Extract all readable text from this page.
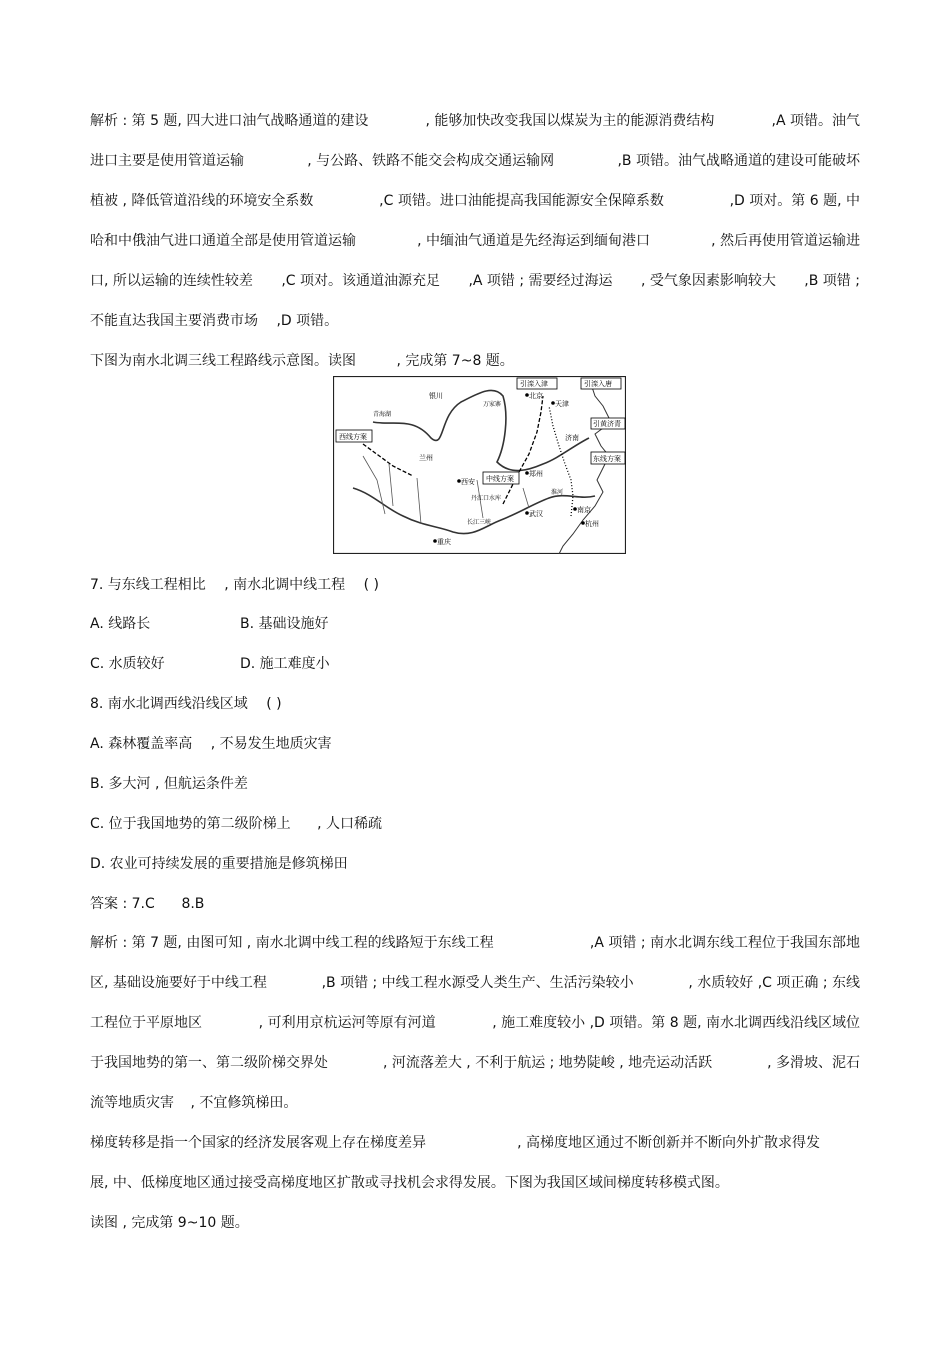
解析 : 第 5 题, 四大进口油气战略通道的建设	, 能够加快改变我国以煤炭为主的能源消费结构	,A 项错。油气
进口主要是使用管道运输	, 与公路、铁路不能交会构成交通运输网	,B 项错。油气战略通道的建设可能破坏
植被 , 降低管道沿线的环境安全系数	,C 项错。进口油能提高我国能源安全保障系数	,D 项对。第 6 题, 中
哈和中俄油气进口通道全部是使用管道运输	, 中缅油气通道是先经海运到缅甸港口	, 然后再使用管道运输进
口, 所以运输的连续性较差 ,C 项对。该通道油源充足 ,A 项错 ; 需要经过海运 , 受气象因素影响较大 ,B 项错 ;
不能直达我国主要消费市场 ,D 项错。
下图为南水北调三线工程路线示意图。读图	, 完成第 7~8 题。
西线方案
中线方案
东线方案
引滦入津	引滦入唐
引黄济青
北京
天津
西安
郑州
武汉	南京
杭州
重庆
银川
兰州
济南
丹江口水库
长江三峡
青海湖
万家寨
淮河
7. 与东线工程相比 , 南水北调中线工程 ( )
A. 线路长	B. 基础设施好
C. 水质较好	D. 施工难度小
8. 南水北调西线沿线区域 ( )
A. 森林覆盖率高 , 不易发生地质灾害
B. 多大河 , 但航运条件差
C. 位于我国地势的第二级阶梯上 , 人口稀疏
D. 农业可持续发展的重要措施是修筑梯田
答案 : 7.C      8.B
解析 : 第 7 题, 由图可知 , 南水北调中线工程的线路短于东线工程	,A 项错 ; 南水北调东线工程位于我国东部地
区, 基础设施要好于中线工程	,B 项错 ; 中线工程水源受人类生产、生活污染较小	, 水质较好 ,C 项正确 ; 东线
工程位于平原地区	, 可利用京杭运河等原有河道	, 施工难度较小 ,D 项错。第 8 题, 南水北调西线沿线区域位
于我国地势的第一、第二级阶梯交界处	, 河流落差大 , 不利于航运 ; 地势陡峻 , 地壳运动活跃	, 多滑坡、泥石
流等地质灾害 , 不宜修筑梯田。
梯度转移是指一个国家的经济发展客观上存在梯度差异	, 高梯度地区通过不断创新并不断向外扩散求得发
展, 中、低梯度地区通过接受高梯度地区扩散或寻找机会求得发展。下图为我国区域间梯度转移模式图。
读图 , 完成第 9~10 题。
